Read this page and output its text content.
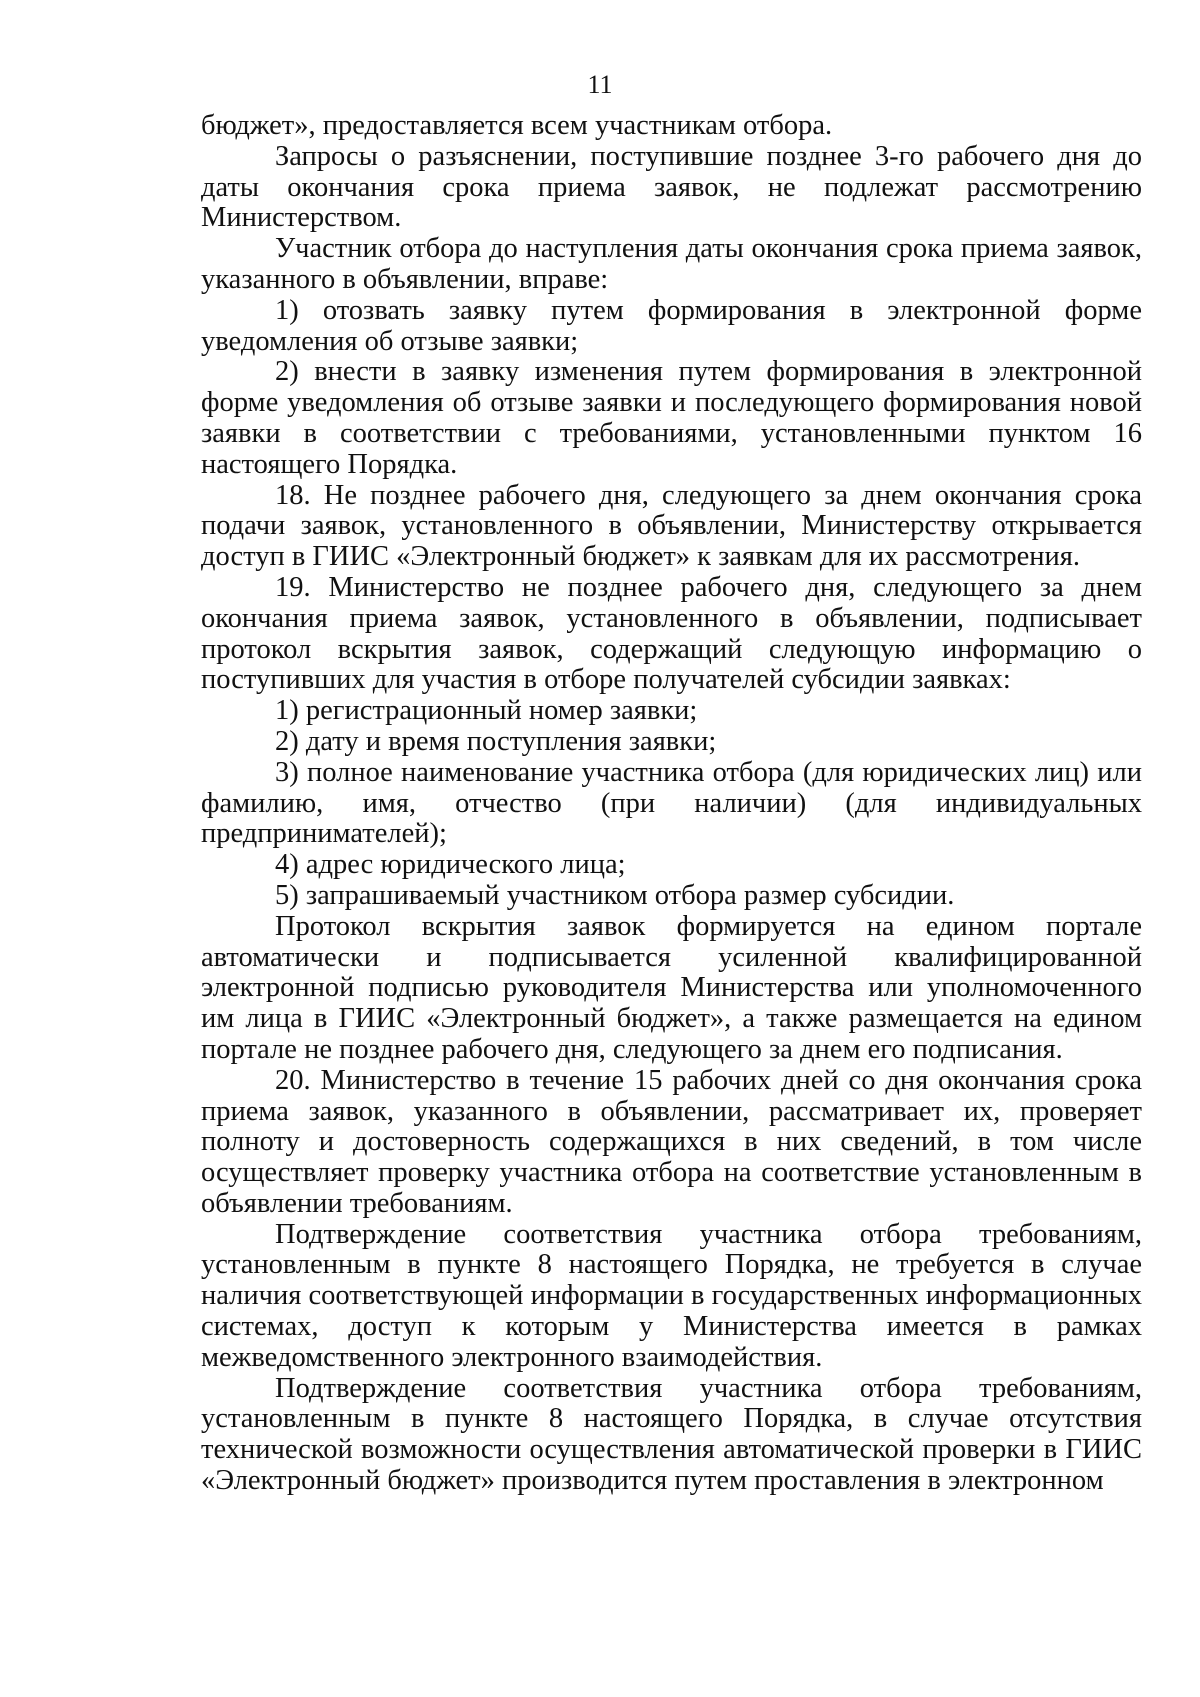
11

бюджет», предоставляется всем участникам отбора.

Запросы о разъяснении, поступившие позднее 3-го рабочего дня до даты окончания срока приема заявок, не подлежат рассмотрению Министерством.

Участник отбора до наступления даты окончания срока приема заявок, указанного в объявлении, вправе:

1) отозвать заявку путем формирования в электронной форме уведомления об отзыве заявки;

2) внести в заявку изменения путем формирования в электронной форме уведомления об отзыве заявки и последующего формирования новой заявки в соответствии с требованиями, установленными пунктом 16 настоящего Порядка.

18. Не позднее рабочего дня, следующего за днем окончания срока подачи заявок, установленного в объявлении, Министерству открывается доступ в ГИИС «Электронный бюджет» к заявкам для их рассмотрения.

19. Министерство не позднее рабочего дня, следующего за днем окончания приема заявок, установленного в объявлении, подписывает протокол вскрытия заявок, содержащий следующую информацию о поступивших для участия в отборе получателей субсидии заявках:

1) регистрационный номер заявки;

2) дату и время поступления заявки;

3) полное наименование участника отбора (для юридических лиц) или фамилию, имя, отчество (при наличии) (для индивидуальных предпринимателей);

4) адрес юридического лица;

5) запрашиваемый участником отбора размер субсидии.

Протокол вскрытия заявок формируется на едином портале автоматически и подписывается усиленной квалифицированной электронной подписью руководителя Министерства или уполномоченного им лица в ГИИС «Электронный бюджет», а также размещается на едином портале не позднее рабочего дня, следующего за днем его подписания.

20. Министерство в течение 15 рабочих дней со дня окончания срока приема заявок, указанного в объявлении, рассматривает их, проверяет полноту и достоверность содержащихся в них сведений, в том числе осуществляет проверку участника отбора на соответствие установленным в объявлении требованиям.

Подтверждение соответствия участника отбора требованиям, установленным в пункте 8 настоящего Порядка, не требуется в случае наличия соответствующей информации в государственных информационных системах, доступ к которым у Министерства имеется в рамках межведомственного электронного взаимодействия.

Подтверждение соответствия участника отбора требованиям, установленным в пункте 8 настоящего Порядка, в случае отсутствия технической возможности осуществления автоматической проверки в ГИИС «Электронный бюджет» производится путем проставления в электронном
